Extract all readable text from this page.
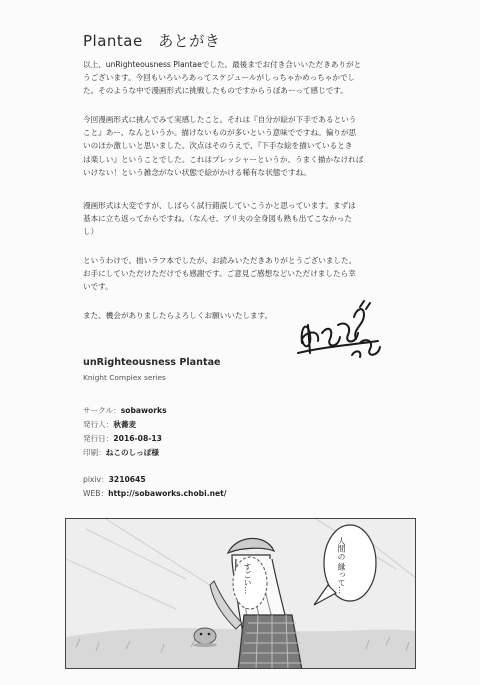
Plantae　あとがき

以上、unRighteousness Plantaeでした。最後までお付き合いいただきありがと
うございます。今回もいろいろあってスケジュールがしっちゃかめっちゃかでし
た。そのような中で漫画形式に挑戦したものですからうぼあーって感じです。

今回漫画形式に挑んでみて実感したこと。それは『自分が絵が下手であるという
こと』あー、なんというか。描けないものが多いという意味でですね。偏りが思
いのほか激しいと思いました。次点はそのうえで、『下手な絵を描いているとき
は楽しい』ということでした。これはプレッシャーというか、うまく描かなければ
いけない！という雑念がない状態で絵がかける稀有な状態ですね。

漫画形式は大変ですが、しばらく試行錯誤していこうかと思っています。まずは
基本に立ち返ってからですね。（なんせ、プリ夫の全身図も熟も出てこなかった
し）

というわけで、拙いラフ本でしたが、お読みいただきありがとうございました。
お手にしていただけただけでも感謝です。ご意見ご感想などいただけましたら幸
いです。

また、機会がありましたらよろしくお願いいたします。

unRighteousness Plantae
Knight Complex series
サークル：sobaworks
発行人：秋蕎麦
発行日：2016-08-13
印刷：ねこのしっぽ様
pixiv：3210645
WEB：http://sobaworks.chobi.net/
人間の 縁って…
すごい…
